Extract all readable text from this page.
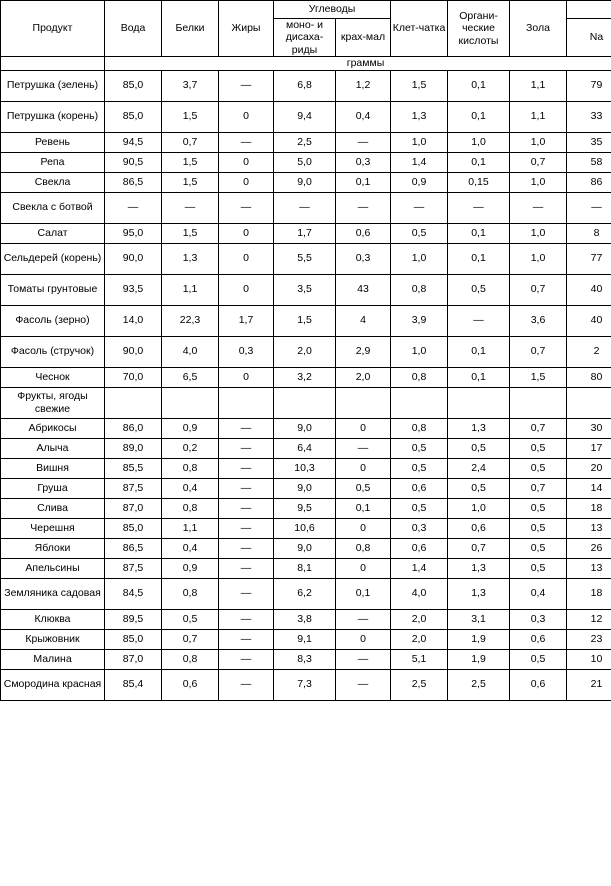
Продукт	Вода	Белки	Жиры	Углеводы		Клет-чатка	Органи-ческие кислоты	Зола	
				моно- и дисаха-риды	крах-мал				Na
	граммы								
Петрушка (зелень)	85,0	3,7	—	6,8	1,2	1,5	0,1	1,1	79
Петрушка (корень)	85,0	1,5	0	9,4	0,4	1,3	0,1	1,1	33
Ревень	94,5	0,7	—	2,5	—	1,0	1,0	1,0	35
Репа	90,5	1,5	0	5,0	0,3	1,4	0,1	0,7	58
Свекла	86,5	1,5	0	9,0	0,1	0,9	0,15	1,0	86
Свекла с ботвой	—	—	—	—	—	—	—	—	—
Салат	95,0	1,5	0	1,7	0,6	0,5	0,1	1,0	8
Сельдерей (корень)	90,0	1,3	0	5,5	0,3	1,0	0,1	1,0	77
Томаты грунтовые	93,5	1,1	0	3,5	43	0,8	0,5	0,7	40
Фасоль (зерно)	14,0	22,3	1,7	1,5	4	3,9	—	3,6	40
Фасоль (стручок)	90,0	4,0	0,3	2,0	2,9	1,0	0,1	0,7	2
Чеснок	70,0	6,5	0	3,2	2,0	0,8	0,1	1,5	80
Фрукты, ягоды свежие									
Абрикосы	86,0	0,9	—	9,0	0	0,8	1,3	0,7	30
Алыча	89,0	0,2	—	6,4	—	0,5	0,5	0,5	17
Вишня	85,5	0,8	—	10,3	0	0,5	2,4	0,5	20
Груша	87,5	0,4	—	9,0	0,5	0,6	0,5	0,7	14
Слива	87,0	0,8	—	9,5	0,1	0,5	1,0	0,5	18
Черешня	85,0	1,1	—	10,6	0	0,3	0,6	0,5	13
Яблоки	86,5	0,4	—	9,0	0,8	0,6	0,7	0,5	26
Апельсины	87,5	0,9	—	8,1	0	1,4	1,3	0,5	13
Земляника садовая	84,5	0,8	—	6,2	0,1	4,0	1,3	0,4	18
Клюква	89,5	0,5	—	3,8	—	2,0	3,1	0,3	12
Крыжовник	85,0	0,7	—	9,1	0	2,0	1,9	0,6	23
Малина	87,0	0,8	—	8,3	—	5,1	1,9	0,5	10
Смородина красная	85,4	0,6	—	7,3	—	2,5	2,5	0,6	21
